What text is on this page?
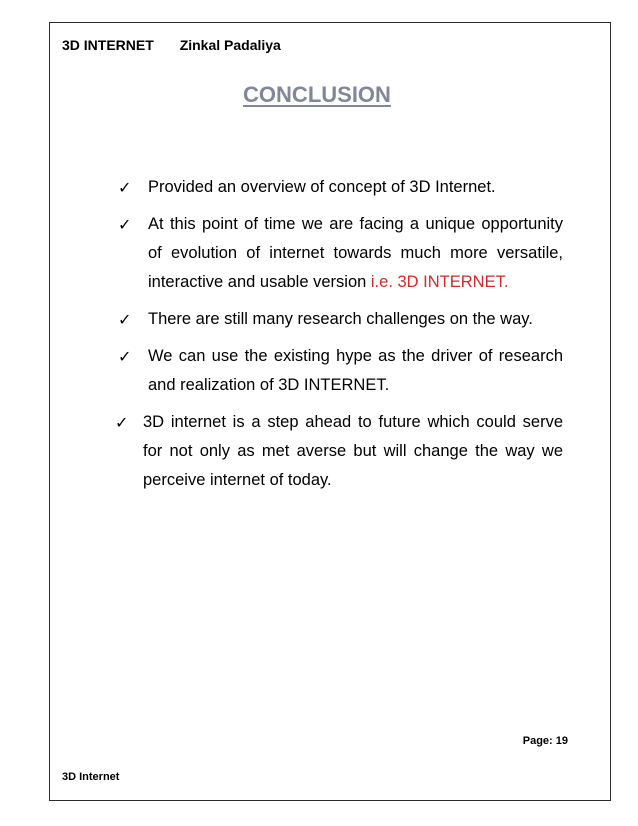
3D INTERNET Zinkal Padaliya
CONCLUSION
✓	Provided an overview of concept of 3D Internet.
✓	At this point of time we are facing a unique opportunity of evolution of internet towards much more versatile, interactive and usable version i.e. 3D INTERNET.
✓	There are still many research challenges on the way.
✓	We can use the existing hype as the driver of research and realization of 3D INTERNET.
✓ 3D internet is a step ahead to future which could serve for not only as met averse but will change the way we perceive internet of today.
Page: 19
3D Internet
